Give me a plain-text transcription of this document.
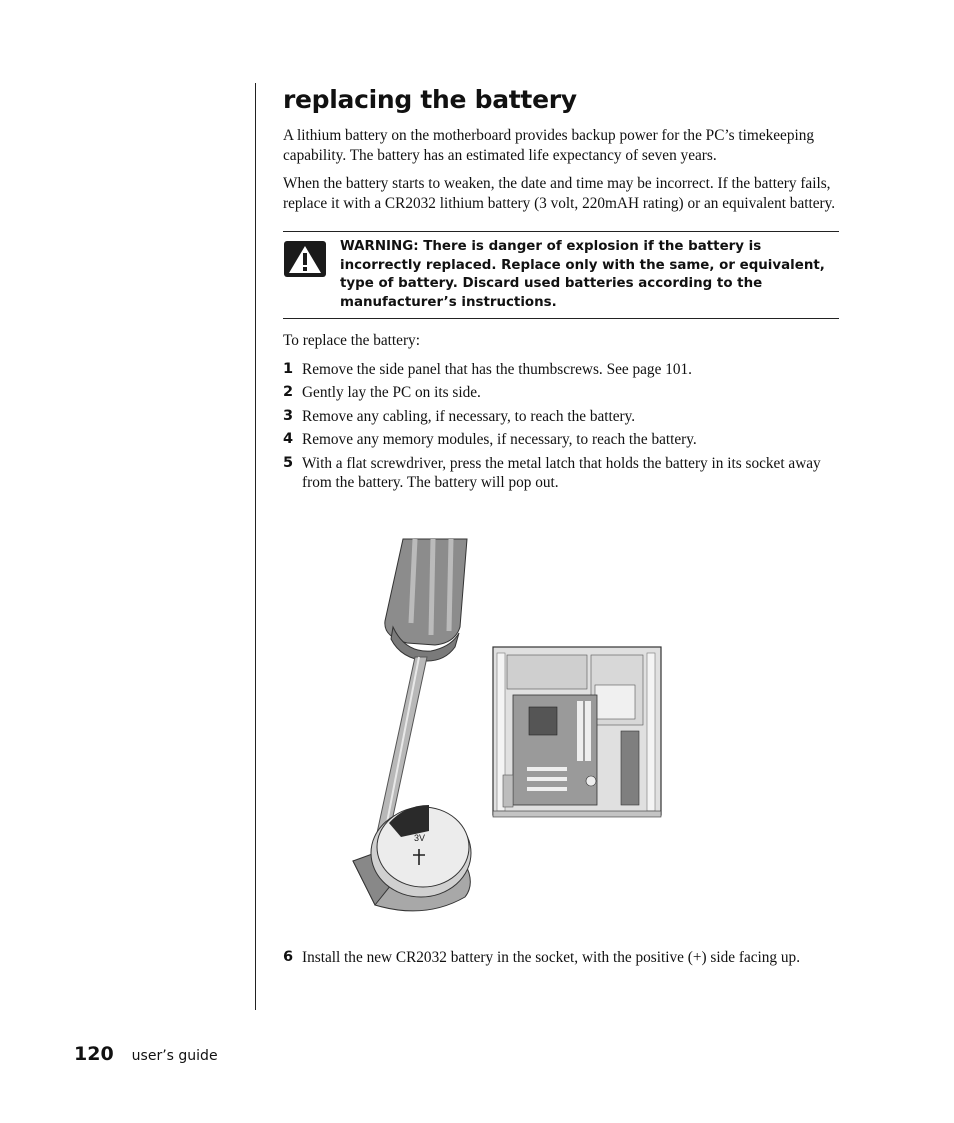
replacing the battery

A lithium battery on the motherboard provides backup power for the PC’s timekeeping capability. The battery has an estimated life expectancy of seven years.

When the battery starts to weaken, the date and time may be incorrect. If the battery fails, replace it with a CR2032 lithium battery (3 volt, 220mAH rating) or an equivalent battery.

WARNING: There is danger of explosion if the battery is incorrectly replaced. Replace only with the same, or equivalent, type of battery. Discard used batteries according to the manufacturer’s instructions.

To replace the battery:

1 Remove the side panel that has the thumbscrews. See page 101.
2 Gently lay the PC on its side.
3 Remove any cabling, if necessary, to reach the battery.
4 Remove any memory modules, if necessary, to reach the battery.
5 With a flat screwdriver, press the metal latch that holds the battery in its socket away from the battery. The battery will pop out.
3V
6 Install the new CR2032 battery in the socket, with the positive (+) side facing up.
120 user’s guide
